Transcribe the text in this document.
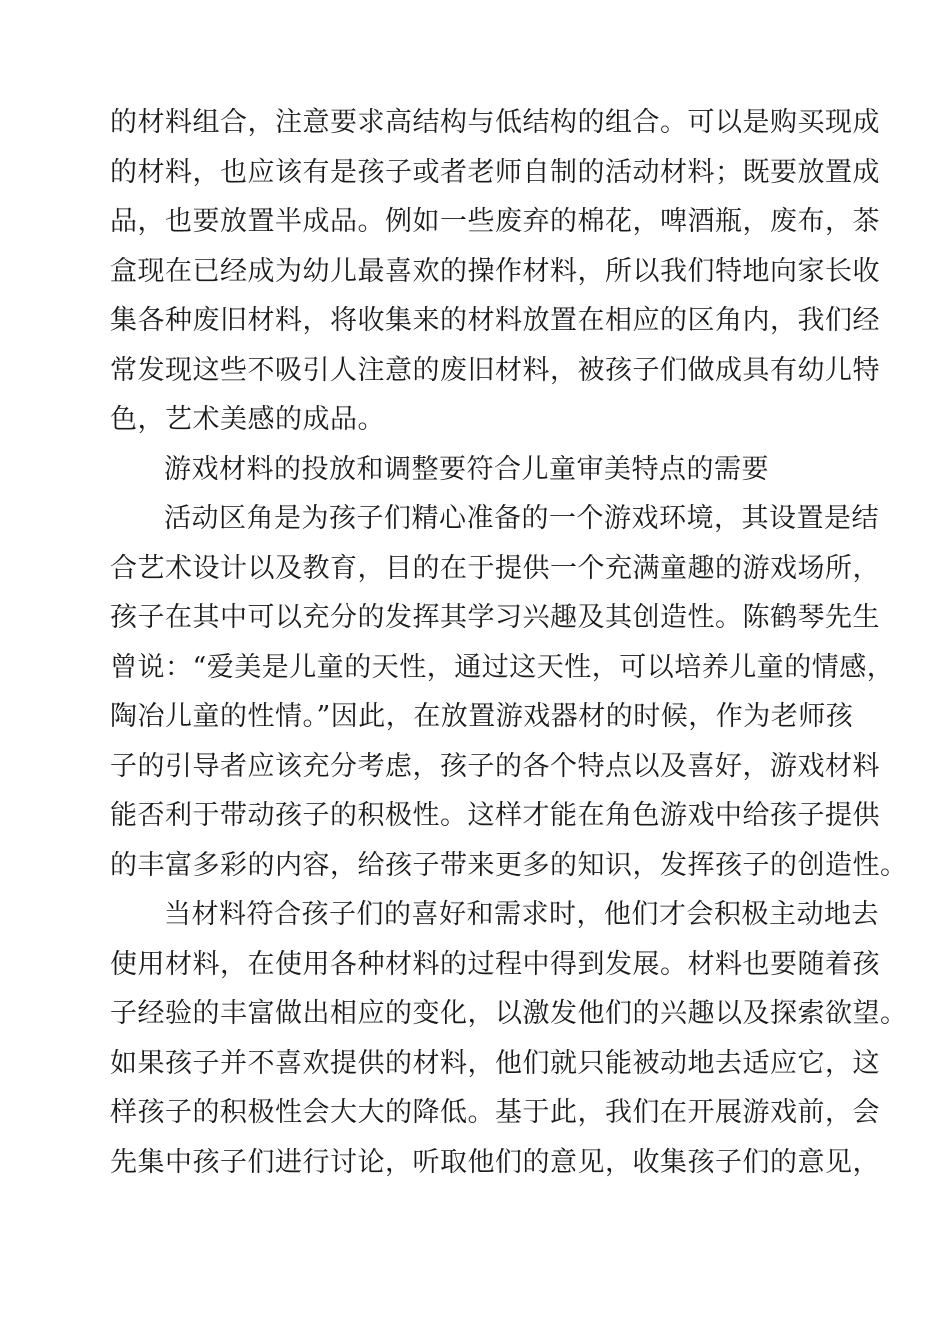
的材料组合，注意要求高结构与低结构的组合。可以是购买现成
的材料，也应该有是孩子或者老师自制的活动材料；既要放置成
品，也要放置半成品。例如一些废弃的棉花，啤酒瓶，废布，茶
盒现在已经成为幼儿最喜欢的操作材料，所以我们特地向家长收
集各种废旧材料，将收集来的材料放置在相应的区角内，我们经
常发现这些不吸引人注意的废旧材料，被孩子们做成具有幼儿特
色，艺术美感的成品。
游戏材料的投放和调整要符合儿童审美特点的需要
活动区角是为孩子们精心准备的一个游戏环境，其设置是结
合艺术设计以及教育，目的在于提供一个充满童趣的游戏场所，
孩子在其中可以充分的发挥其学习兴趣及其创造性。陈鹤琴先生
曾说：“爱美是儿童的天性，通过这天性，可以培养儿童的情感，
陶冶儿童的性情。”因此，在放置游戏器材的时候，作为老师孩
子的引导者应该充分考虑，孩子的各个特点以及喜好，游戏材料
能否利于带动孩子的积极性。这样才能在角色游戏中给孩子提供
的丰富多彩的内容，给孩子带来更多的知识，发挥孩子的创造性。
当材料符合孩子们的喜好和需求时，他们才会积极主动地去
使用材料，在使用各种材料的过程中得到发展。材料也要随着孩
子经验的丰富做出相应的变化，以激发他们的兴趣以及探索欲望。
如果孩子并不喜欢提供的材料，他们就只能被动地去适应它，这
样孩子的积极性会大大的降低。基于此，我们在开展游戏前，会
先集中孩子们进行讨论，听取他们的意见，收集孩子们的意见，
